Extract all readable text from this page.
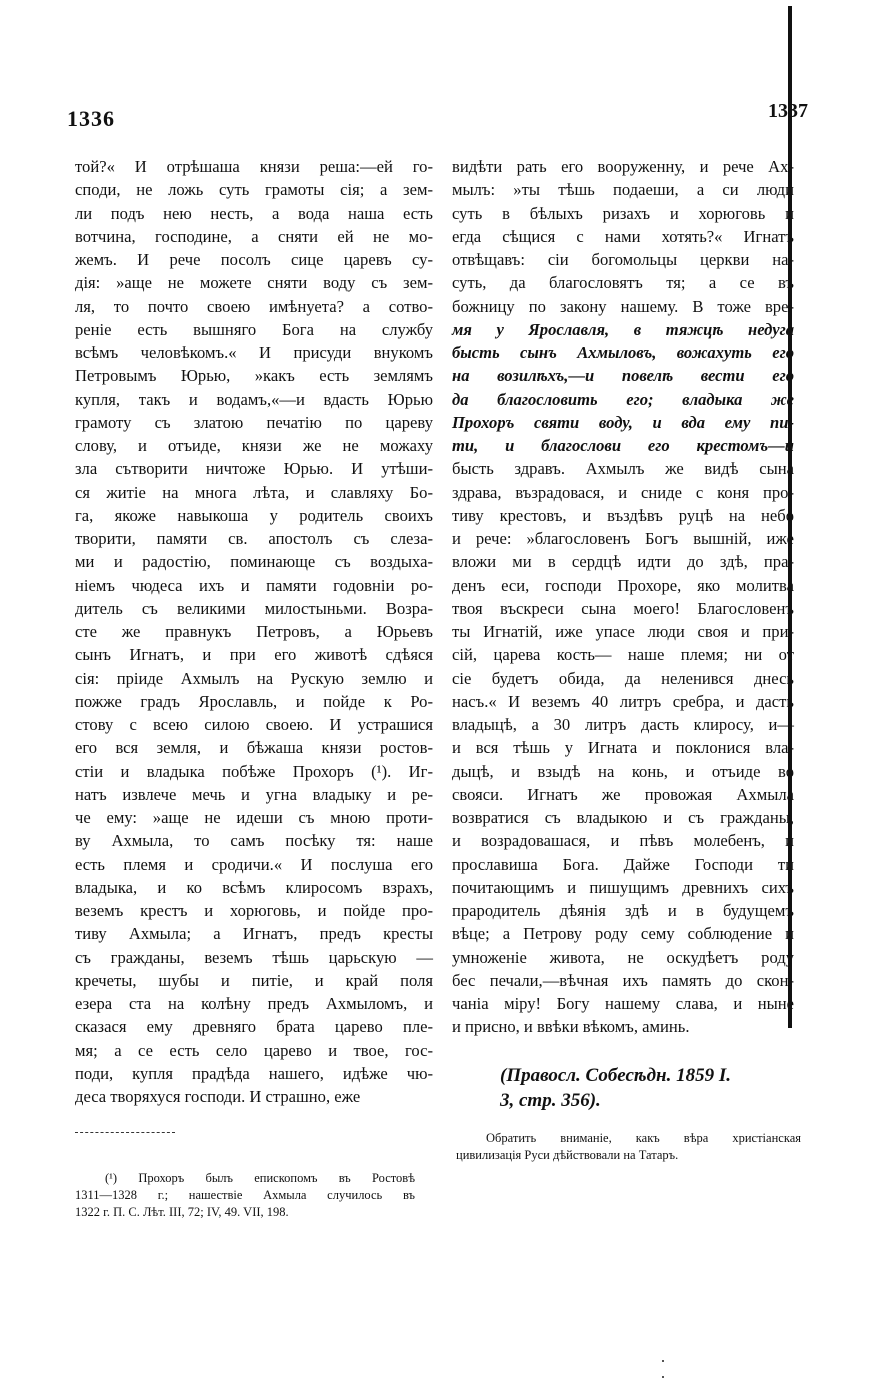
1336	1337
той?« И отрѣшаша князи реша:—ей го-
споди, не ложь суть грамоты сія; а зем-
ли подъ нею несть, а вода наша есть
вотчина, господине, а сняти ей не мо-
жемъ. И рече посолъ сице царевъ су-
дія: »аще не можете сняти воду съ зем-
ля, то почто своею имѣнуета? а сотво-
реніе есть вышняго Бога на службу
всѣмъ человѣкомъ.« И присуди внукомъ
Петровымъ Юрью, »какъ есть землямъ
купля, такъ и водамъ,«—и вдасть Юрью
грамоту съ златою печатію по цареву
слову, и отъиде, князи же не можаху
зла сътворити ничтоже Юрью. И утѣши-
ся житіе на многа лѣта, и славляху Бо-
га, якоже навыкоша у родитель своихъ
творити, памяти св. апостолъ съ слеза-
ми и радостію, поминающе съ воздыха-
ніемъ чюдеса ихъ и памяти годовніи ро-
дитель съ великими милостыньми. Возра-
сте же правнукъ Петровъ, а Юрьевъ
сынъ Игнатъ, и при его животѣ сдѣяся
сія: пріиде Ахмылъ на Рускую землю и
пожже градъ Ярославль, и пойде к Ро-
стову с всею силою своею. И устрашися
его вся земля, и бѣжаша князи ростов-
стіи и владыка побѣже Прохоръ (¹). Иг-
натъ извлече мечь и угна владыку и ре-
че ему: »аще не идеши съ мною проти-
ву Ахмыла, то самъ посѣку тя: наше
есть племя и сродичи.« И послуша его
владыка, и ко всѣмъ клиросомъ взрахъ,
веземъ крестъ и хорюговь, и пойде про-
тиву Ахмыла; а Игнатъ, предъ кресты
съ гражданы, веземъ тѣшь царьскую —
кречеты, шубы и питіе, и край поля
езера ста на колѣну предъ Ахмыломъ, и
сказася ему древняго брата царево пле-
мя; а се есть село царево и твое, гос-
поди, купля прадѣда нашего, идѣже чю-
деса творяхуся господи. И страшно, еже
видѣти рать его вооруженну, и рече Ах-
мылъ: »ты тѣшь подаеши, а си люди
суть в бѣлыхъ ризахъ и хорюговь и
егда сѣщися с нами хотять?« Игнатъ
отвѣщавъ: сіи богомольцы церкви на-
суть, да благословятъ тя; а се въ
божницу по закону нашему. В тоже вре-
мя у Ярославля, в тяжцѣ недуга
бысть сынъ Ахмыловъ, вожахуть его
на возилѣхъ,—и повелѣ вести его
да благословить его; владыка же
Прохоръ святи воду, и вда ему пи-
ти, и благослови его крестомъ—и
бысть здравъ. Ахмылъ же видѣ сына
здрава, възрадовася, и сниде с коня про-
тиву крестовъ, и въздѣвъ руцѣ на небо
и рече: »благословенъ Богъ вышній, иже
вложи ми в сердцѣ идти до здѣ, пра-
денъ еси, господи Прохоре, яко молитва
твоя въскреси сына моего! Благословенъ
ты Игнатій, иже упасе люди своя и при-
сій, царева кость— наше племя; ни от
сіе будетъ обида, да неленився днесь
насъ.« И веземъ 40 литръ сребра, и дасть
владыцѣ, а 30 литръ дасть клиросу, и—
и вся тѣшь у Игната и поклонися вла-
дыцѣ, и взыдѣ на конь, и отъиде во
свояси. Игнатъ же провожая Ахмыла
возвратися съ владыкою и съ гражданы,
и возрадовашася, и пѣвъ молебенъ, и
прославиша Бога. Дайже Господи ти
почитающимъ и пишущимъ древнихъ сихъ
прародитель дѣянія здѣ и в будущемъ
вѣце; а Петрову роду сему соблюдение и
умноженіе живота, не оскудѣетъ роду
бес печали,—вѣчная ихъ память до скон-
чаніа міру! Богу нашему слава, и ныне
и присно, и ввѣки вѣкомъ, аминь.
(Правосл. Собесѣдн. 1859 I.
3, стр. 356).
Обратить вниманіе, какъ вѣра христіанская
цивилизація Руси дѣйствовали на Татаръ.
(¹) Прохоръ былъ епископомъ въ Ростовѣ
1311—1328 г.; нашествіе Ахмыла случилось въ
1322 г. П. С. Лѣт. III, 72; IV, 49. VII, 198.
